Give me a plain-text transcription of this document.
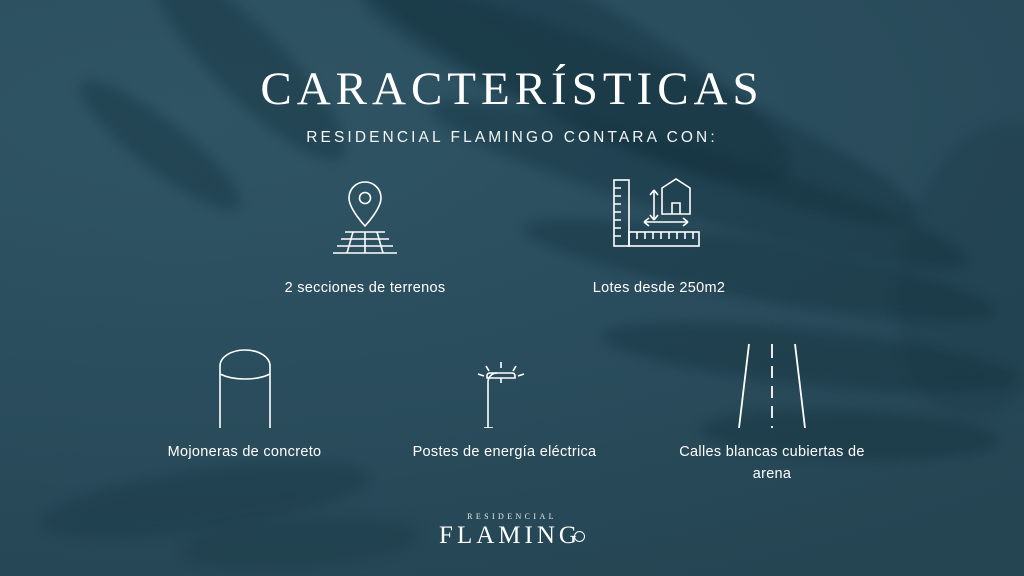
CARACTERÍSTICAS
RESIDENCIAL FLAMINGO CONTARA CON:
2 secciones de terrenos	Lotes desde 250m2
Mojoneras de concreto	Postes de energía eléctrica	Calles blancas cubiertas de arena
RESIDENCIAL
FLAMING
